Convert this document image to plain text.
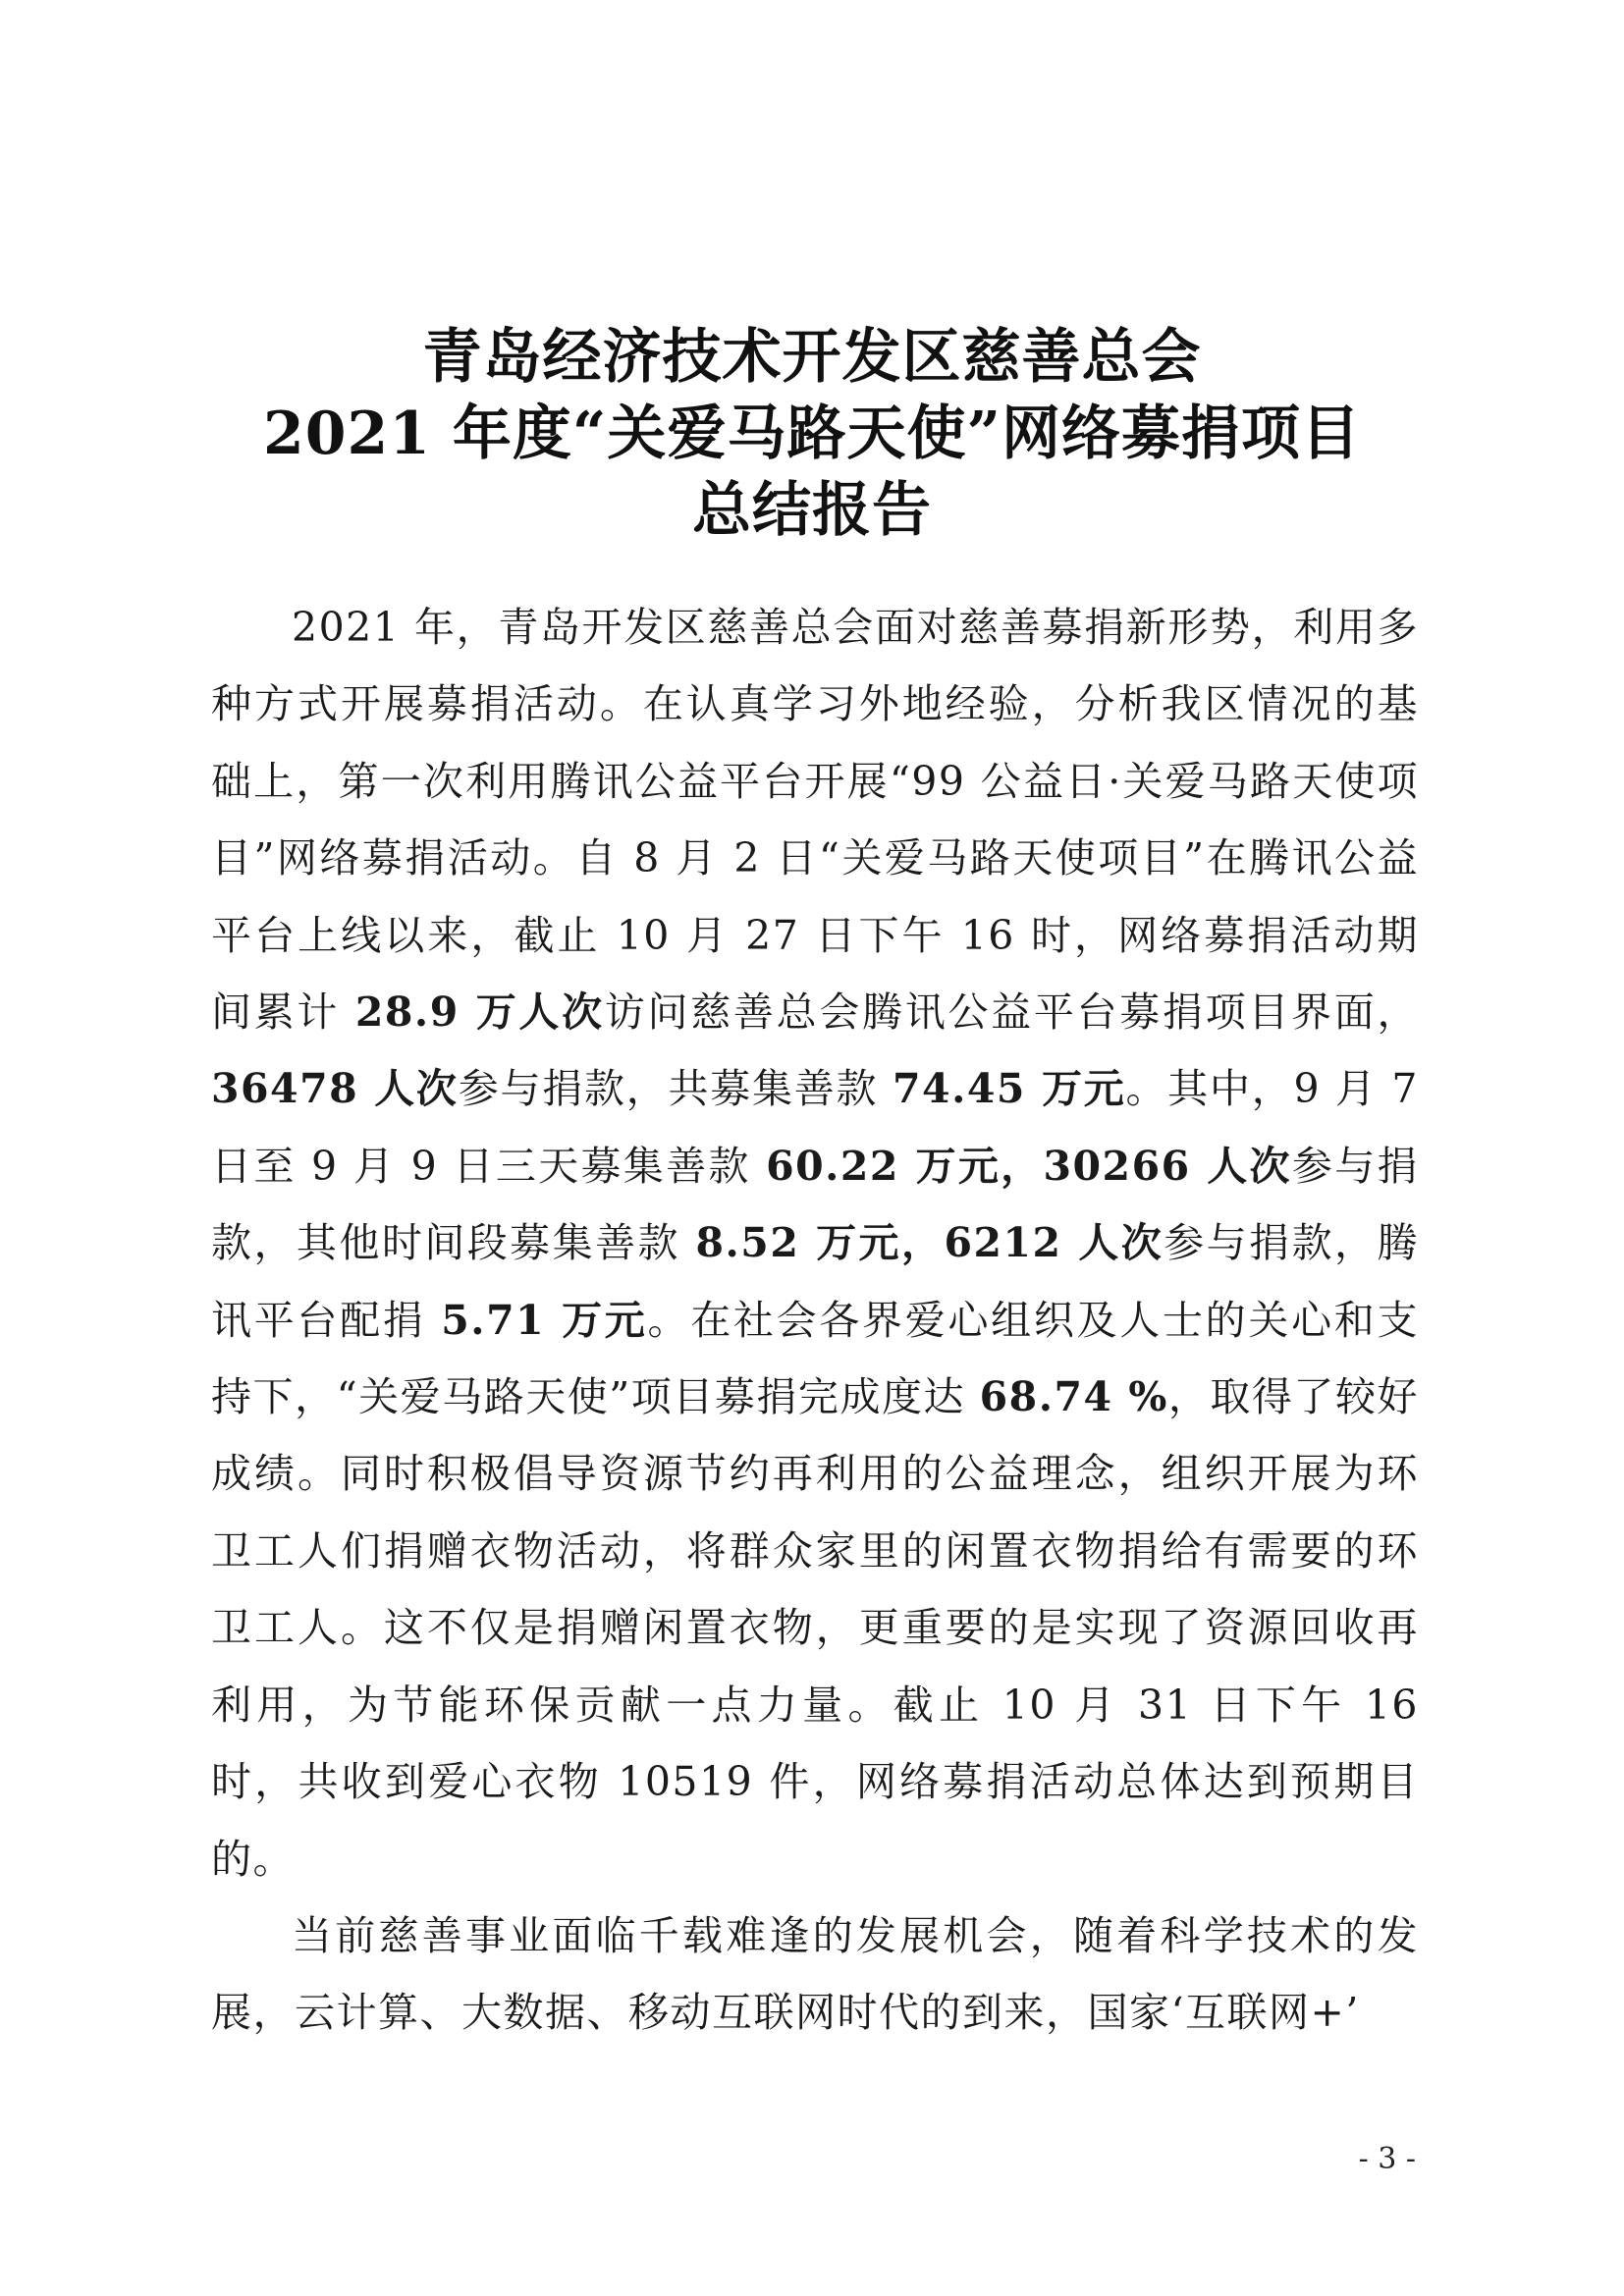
青岛经济技术开发区慈善总会
2021 年度“关爱马路天使”网络募捐项目
总结报告

2021 年，青岛开发区慈善总会面对慈善募捐新形势，利用多种方式开展募捐活动。在认真学习外地经验，分析我区情况的基础上，第一次利用腾讯公益平台开展“99 公益日·关爱马路天使项目”网络募捐活动。自 8 月 2 日“关爱马路天使项目”在腾讯公益平台上线以来，截止 10 月 27 日下午 16 时，网络募捐活动期间累计 28.9 万人次访问慈善总会腾讯公益平台募捐项目界面，36478 人次参与捐款，共募集善款 74.45 万元。其中，9 月 7 日至 9 月 9 日三天募集善款 60.22 万元，30266 人次参与捐款，其他时间段募集善款 8.52 万元，6212 人次参与捐款，腾讯平台配捐 5.71 万元。在社会各界爱心组织及人士的关心和支持下，“关爱马路天使”项目募捐完成度达 68.74 %，取得了较好成绩。同时积极倡导资源节约再利用的公益理念，组织开展为环卫工人们捐赠衣物活动，将群众家里的闲置衣物捐给有需要的环卫工人。这不仅是捐赠闲置衣物，更重要的是实现了资源回收再利用，为节能环保贡献一点力量。截止 10 月 31 日下午 16 时，共收到爱心衣物 10519 件，网络募捐活动总体达到预期目的。

当前慈善事业面临千载难逢的发展机会，随着科学技术的发展，云计算、大数据、移动互联网时代的到来，国家‘互联网+’

- 3 -
